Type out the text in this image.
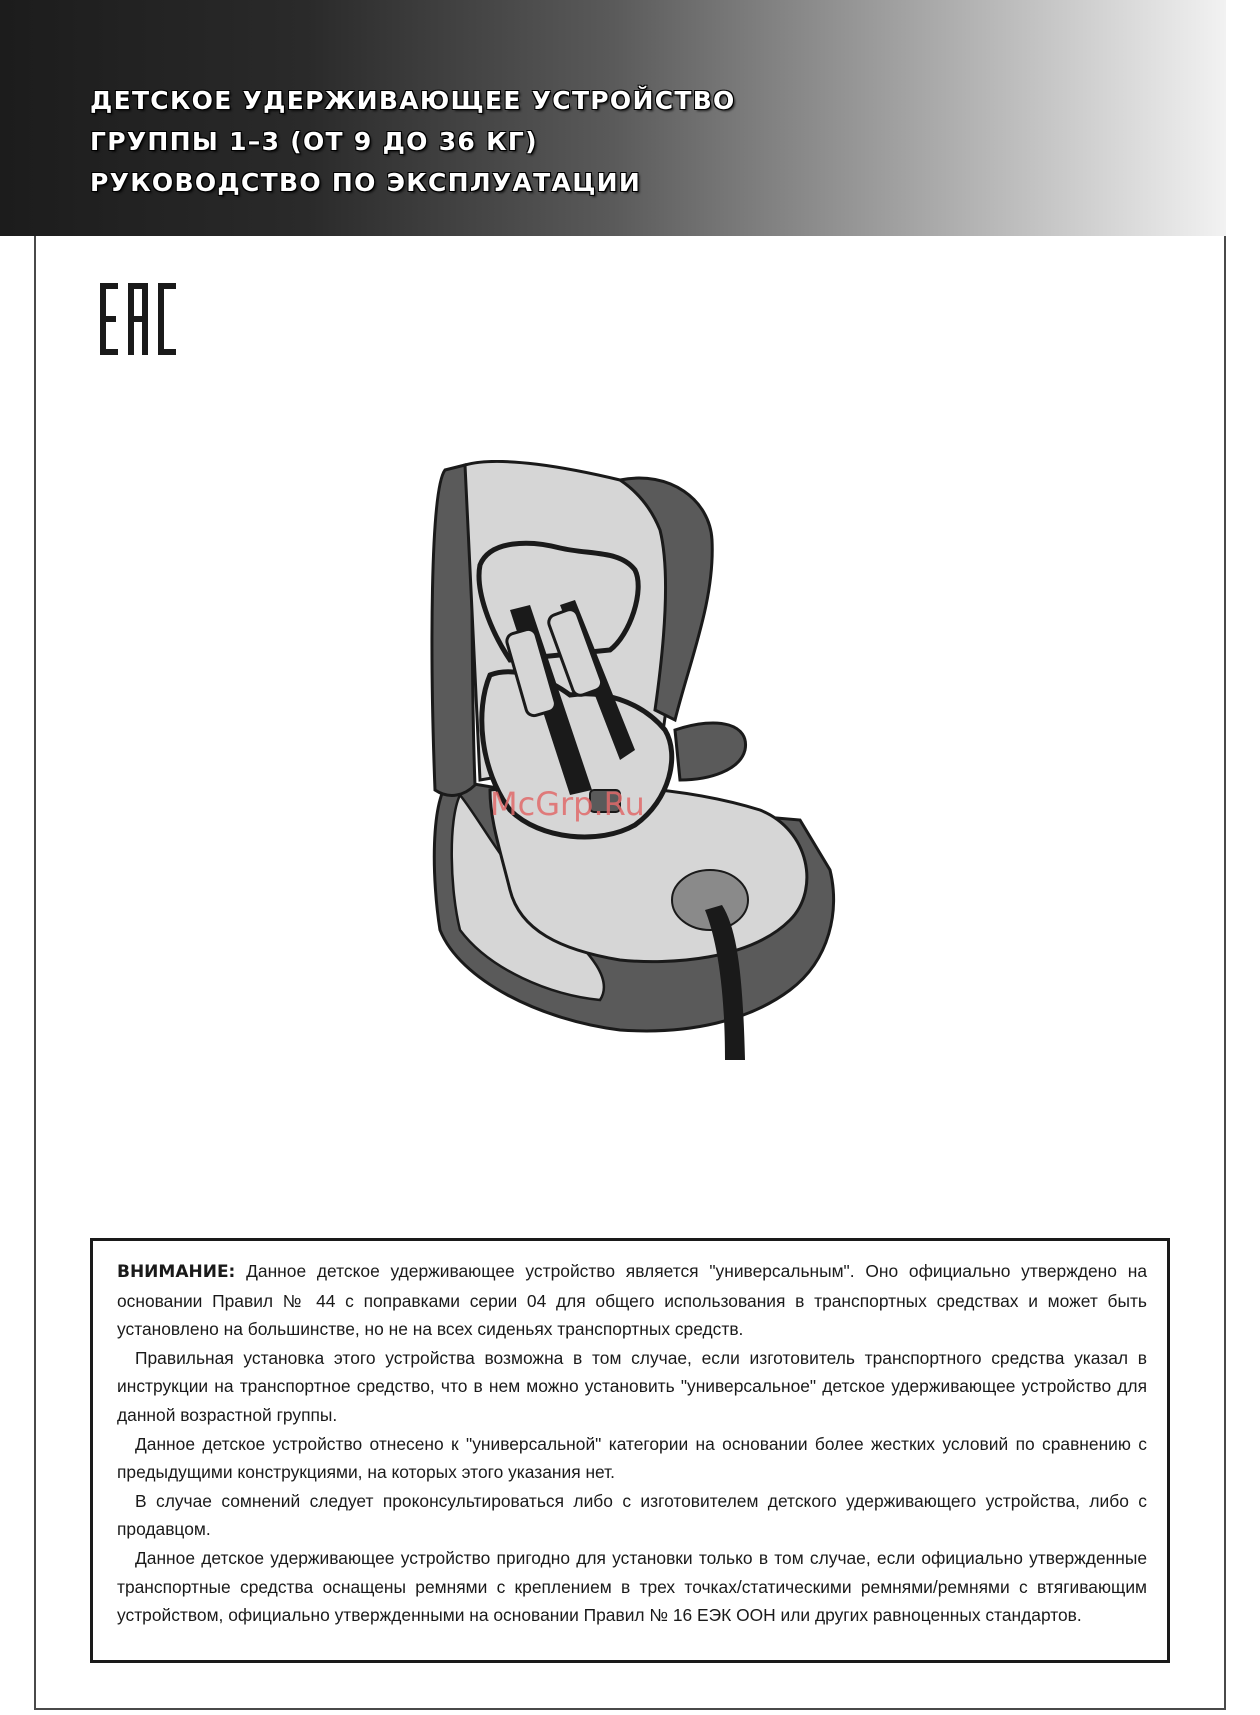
ДЕТСКОЕ УДЕРЖИВАЮЩЕЕ УСТРОЙСТВО
ГРУППЫ 1–3 (ОТ 9 ДО 36 КГ)
РУКОВОДСТВО ПО ЭКСПЛУАТАЦИИ
McGrp.Ru

ВНИМАНИЕ: Данное детское удерживающее устройство является "универсальным". Оно официально утверждено на основании Правил № 44 с поправками серии 04 для общего использования в транспортных средствах и может быть установлено на большинстве, но не на всех сиденьях транспортных средств.

Правильная установка этого устройства возможна в том случае, если изготовитель транспортного средства указал в инструкции на транспортное средство, что в нем можно установить "универсальное" детское удерживающее устройство для данной возрастной группы.

Данное детское устройство отнесено к "универсальной" категории на основании более жестких условий по сравнению с предыдущими конструкциями, на которых этого указания нет.

В случае сомнений следует проконсультироваться либо с изготовителем детского удерживающего устройства, либо с продавцом.

Данное детское удерживающее устройство пригодно для установки только в том случае, если официально утвержденные транспортные средства оснащены ремнями с креплением в трех точках/статическими ремнями/ремнями с втягивающим устройством, официально утвержденными на основании Правил № 16 ЕЭК ООН или других равноценных стандартов.
